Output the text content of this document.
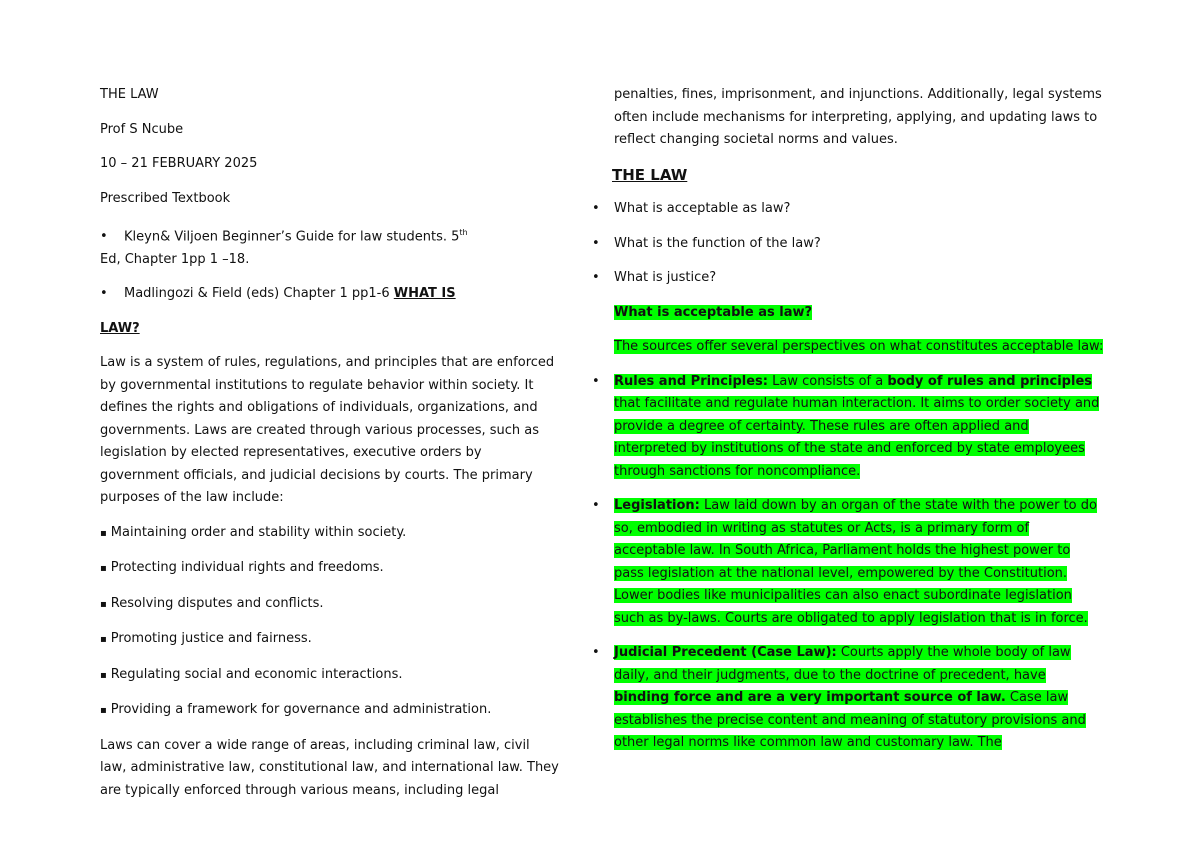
THE LAW

Prof S Ncube

10 – 21 FEBRUARY 2025

Prescribed Textbook

• Kleyn& Viljoen Beginner’s Guide for law students. 5th

Ed, Chapter 1pp 1 –18.

• Madlingozi & Field (eds) Chapter 1 pp1-6 WHAT IS

LAW?

Law is a system of rules, regulations, and principles that are enforced by governmental institutions to regulate behavior within society. It defines the rights and obligations of individuals, organizations, and governments. Laws are created through various processes, such as legislation by elected representatives, executive orders by government officials, and judicial decisions by courts. The primary purposes of the law include:

▪ Maintaining order and stability within society.

▪ Protecting individual rights and freedoms.

▪ Resolving disputes and conflicts.

▪ Promoting justice and fairness.

▪ Regulating social and economic interactions.

▪ Providing a framework for governance and administration.

Laws can cover a wide range of areas, including criminal law, civil law, administrative law, constitutional law, and international law. They are typically enforced through various means, including legal

penalties, fines, imprisonment, and injunctions. Additionally, legal systems often include mechanisms for interpreting, applying, and updating laws to reflect changing societal norms and values.

THE LAW

• What is acceptable as law?

• What is the function of the law?

• What is justice?

What is acceptable as law?

The sources offer several perspectives on what constitutes acceptable law:

• Rules and Principles: Law consists of a body of rules and principles that facilitate and regulate human interaction. It aims to order society and provide a degree of certainty. These rules are often applied and interpreted by institutions of the state and enforced by state employees through sanctions for noncompliance.

• Legislation: Law laid down by an organ of the state with the power to do so, embodied in writing as statutes or Acts, is a primary form of acceptable law. In South Africa, Parliament holds the highest power to pass legislation at the national level, empowered by the Constitution. Lower bodies like municipalities can also enact subordinate legislation such as by-laws. Courts are obligated to apply legislation that is in force.

• Judicial Precedent (Case Law): Courts apply the whole body of law daily, and their judgments, due to the doctrine of precedent, have binding force and are a very important source of law. Case law establishes the precise content and meaning of statutory provisions and other legal norms like common law and customary law. The
